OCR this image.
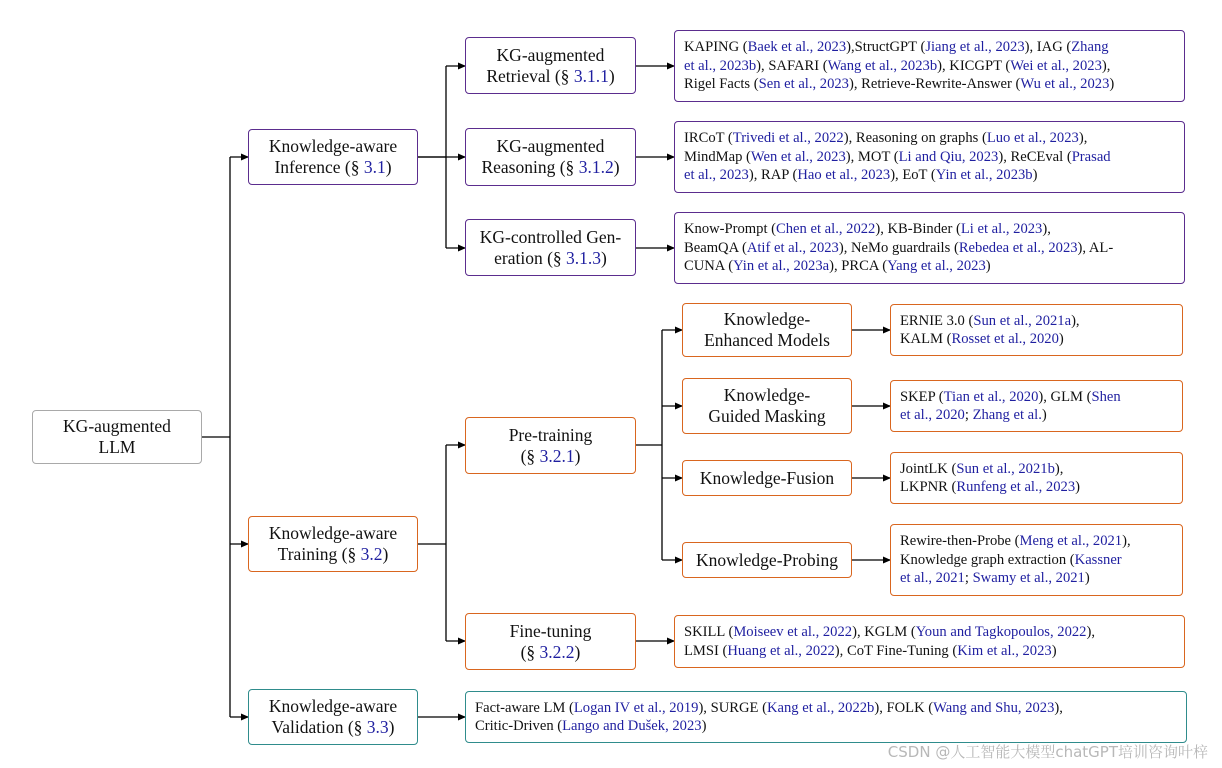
KG-augmented
LLM
Knowledge-aware
Inference (§ 3.1)
Knowledge-aware
Training (§ 3.2)
Knowledge-aware
Validation (§ 3.3)
KG-augmented
Retrieval (§ 3.1.1)
KG-augmented
Reasoning (§ 3.1.2)
KG-controlled Gen-
eration (§ 3.1.3)
KAPING (Baek et al., 2023),StructGPT (Jiang et al., 2023), IAG (Zhang
et al., 2023b), SAFARI (Wang et al., 2023b), KICGPT (Wei et al., 2023),
Rigel Facts (Sen et al., 2023), Retrieve-Rewrite-Answer (Wu et al., 2023)
IRCoT (Trivedi et al., 2022), Reasoning on graphs (Luo et al., 2023),
MindMap (Wen et al., 2023), MOT (Li and Qiu, 2023), ReCEval (Prasad
et al., 2023), RAP (Hao et al., 2023), EoT (Yin et al., 2023b)
Know-Prompt (Chen et al., 2022), KB-Binder (Li et al., 2023),
BeamQA (Atif et al., 2023), NeMo guardrails (Rebedea et al., 2023), AL-
CUNA (Yin et al., 2023a), PRCA (Yang et al., 2023)
Pre-training
(§ 3.2.1)
Fine-tuning
(§ 3.2.2)
Knowledge-
Enhanced Models
Knowledge-
Guided Masking
Knowledge-Fusion
Knowledge-Probing
ERNIE 3.0 (Sun et al., 2021a),
KALM (Rosset et al., 2020)
SKEP (Tian et al., 2020), GLM (Shen
et al., 2020; Zhang et al.)
JointLK (Sun et al., 2021b),
LKPNR (Runfeng et al., 2023)
Rewire-then-Probe (Meng et al., 2021),
Knowledge graph extraction (Kassner
et al., 2021; Swamy et al., 2021)
SKILL (Moiseev et al., 2022), KGLM (Youn and Tagkopoulos, 2022),
LMSI (Huang et al., 2022), CoT Fine-Tuning (Kim et al., 2023)
Fact-aware LM (Logan IV et al., 2019), SURGE (Kang et al., 2022b), FOLK (Wang and Shu, 2023),
Critic-Driven (Lango and Dušek, 2023)
CSDN @人工智能大模型chatGPT培训咨询叶梓
